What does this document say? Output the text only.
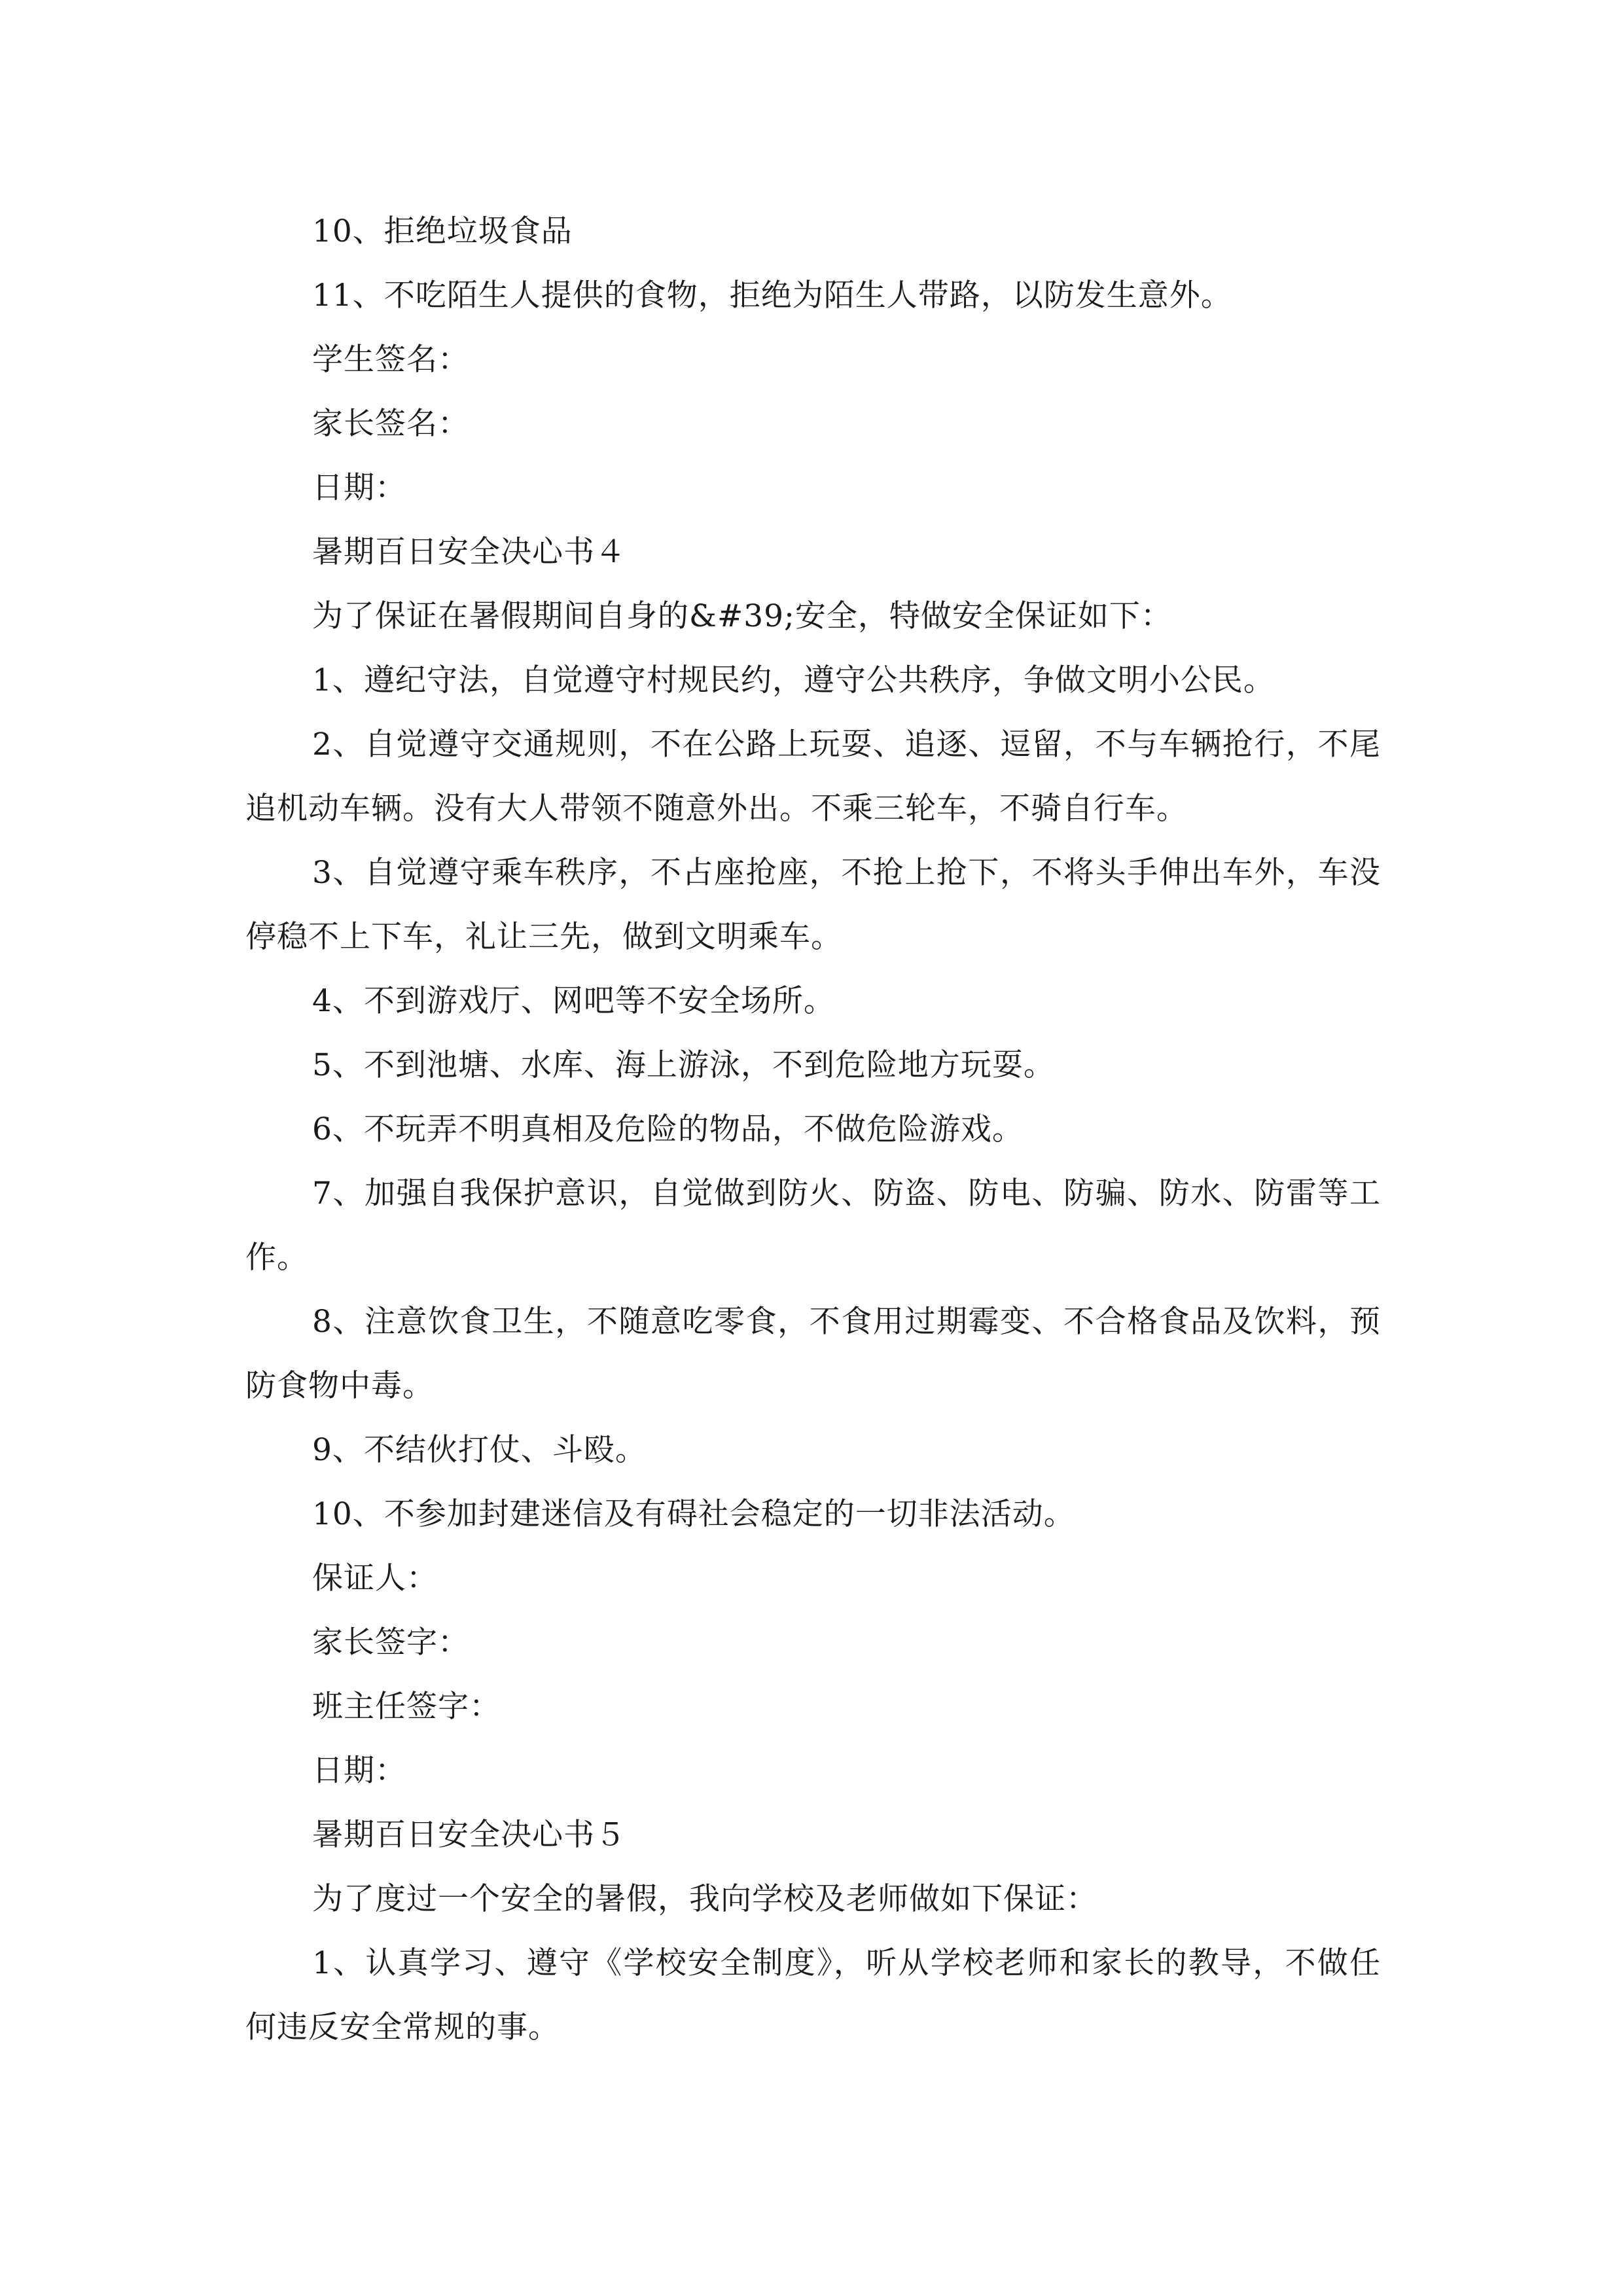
10、拒绝垃圾食品

11、不吃陌生人提供的食物，拒绝为陌生人带路，以防发生意外。

学生签名：

家长签名：

日期：

暑期百日安全决心书４

为了保证在暑假期间自身的&#39;安全，特做安全保证如下：

1、遵纪守法，自觉遵守村规民约，遵守公共秩序，争做文明小公民。

2、自觉遵守交通规则，不在公路上玩耍、追逐、逗留，不与车辆抢行，不尾追机动车辆。没有大人带领不随意外出。不乘三轮车，不骑自行车。

3、自觉遵守乘车秩序，不占座抢座，不抢上抢下，不将头手伸出车外，车没停稳不上下车，礼让三先，做到文明乘车。

4、不到游戏厅、网吧等不安全场所。

5、不到池塘、水库、海上游泳，不到危险地方玩耍。

6、不玩弄不明真相及危险的物品，不做危险游戏。

7、加强自我保护意识，自觉做到防火、防盗、防电、防骗、防水、防雷等工作。

8、注意饮食卫生，不随意吃零食，不食用过期霉变、不合格食品及饮料，预防食物中毒。

9、不结伙打仗、斗殴。

10、不参加封建迷信及有碍社会稳定的一切非法活动。

保证人：

家长签字：

班主任签字：

日期：

暑期百日安全决心书５

为了度过一个安全的暑假，我向学校及老师做如下保证：

1、认真学习、遵守《学校安全制度》，听从学校老师和家长的教导，不做任何违反安全常规的事。
